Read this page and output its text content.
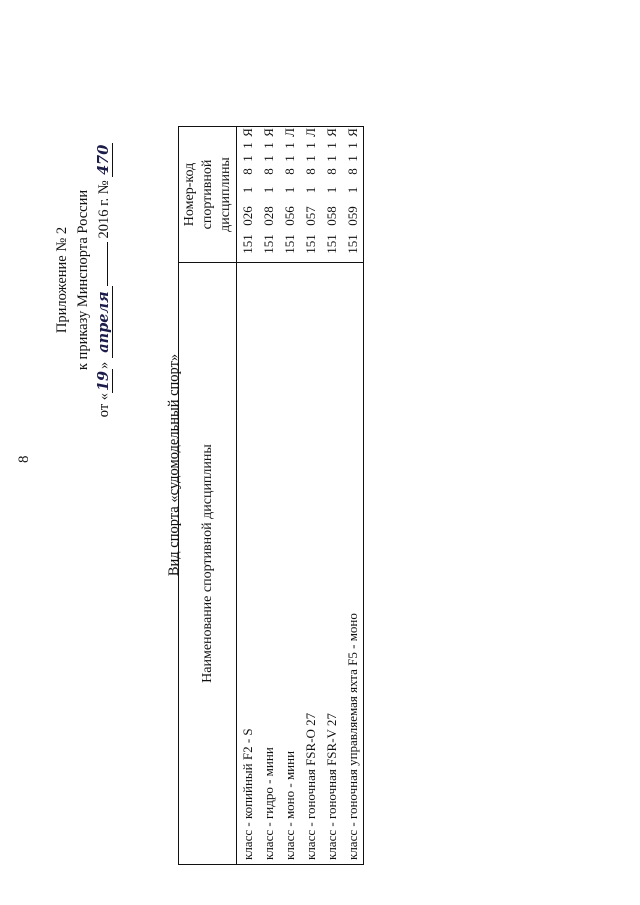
8
Приложение № 2 к приказу Минспорта России
от «19» апреля 2016 г. № 470
Вид спорта «судомодельный спорт» Наименование спортивной дисциплины	Номер-код спортивной дисциплины
класс - копийный F2 - S	1510261811Я
класс - гидро - мини	1510281811Я
класс - моно - мини	1510561811Л
класс - гоночная FSR-O 27	1510571811Л
класс - гоночная FSR-V 27	1510581811Я
класс - гоночная управляемая яхта F5 - моно	1510591811Я
